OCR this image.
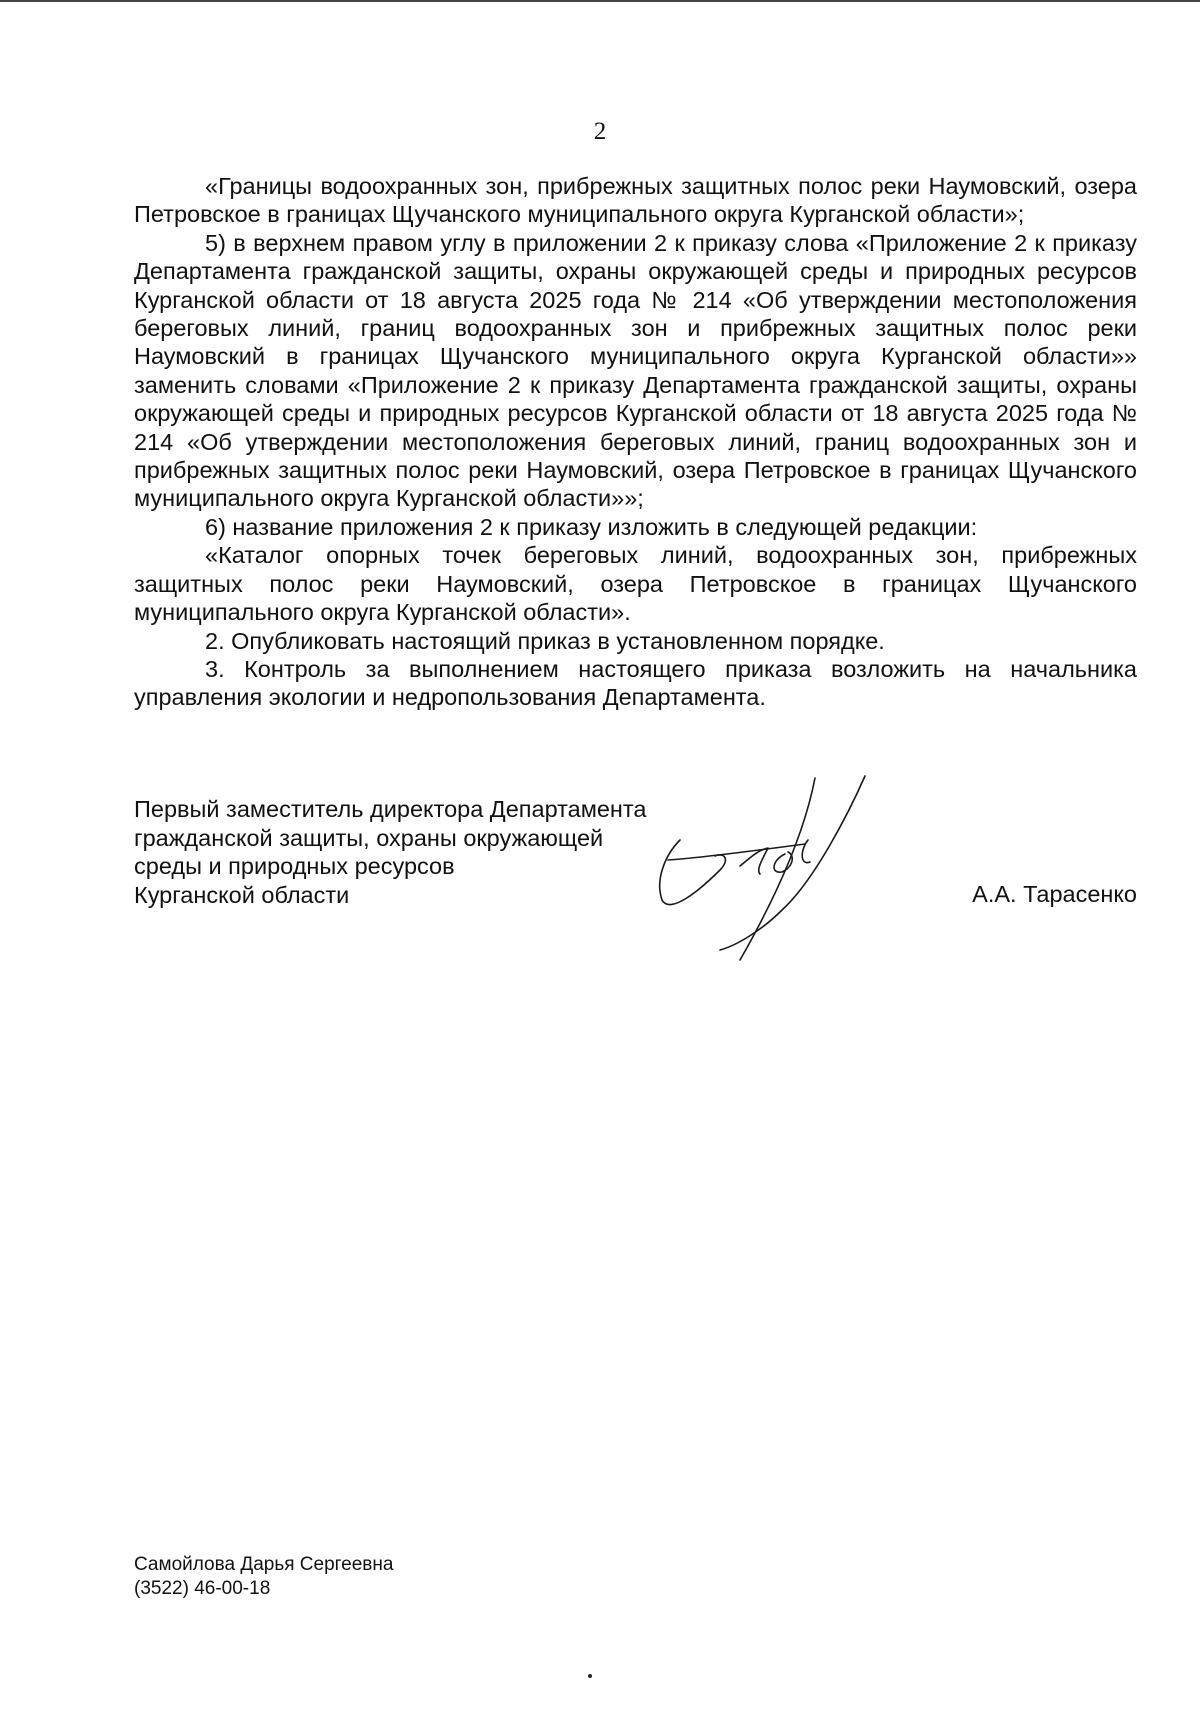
2

«Границы водоохранных зон, прибрежных защитных полос реки Наумовский, озера Петровское в границах Щучанского муниципального округа Курганской области»;

5) в верхнем правом углу в приложении 2 к приказу слова «Приложение 2 к приказу Департамента гражданской защиты, охраны окружающей среды и природных ресурсов Курганской области от 18 августа 2025 года № 214 «Об утверждении местоположения береговых линий, границ водоохранных зон и прибрежных защитных полос реки Наумовский в границах Щучанского муниципального округа Курганской области»» заменить словами «Приложение 2 к приказу Департамента гражданской защиты, охраны окружающей среды и природных ресурсов Курганской области от 18 августа 2025 года № 214 «Об утверждении местоположения береговых линий, границ водоохранных зон и прибрежных защитных полос реки Наумовский, озера Петровское в границах Щучанского муниципального округа Курганской области»»;

6) название приложения 2 к приказу изложить в следующей редакции:

«Каталог опорных точек береговых линий, водоохранных зон, прибрежных защитных полос реки Наумовский, озера Петровское в границах Щучанского муниципального округа Курганской области».

2. Опубликовать настоящий приказ в установленном порядке.

3. Контроль за выполнением настоящего приказа возложить на начальника управления экологии и недропользования Департамента.

Первый заместитель директора Департамента
гражданской защиты, охраны окружающей
среды и природных ресурсов
Курганской области	А.А. Тарасенко
Самойлова Дарья Сергеевна
(3522) 46-00-18
